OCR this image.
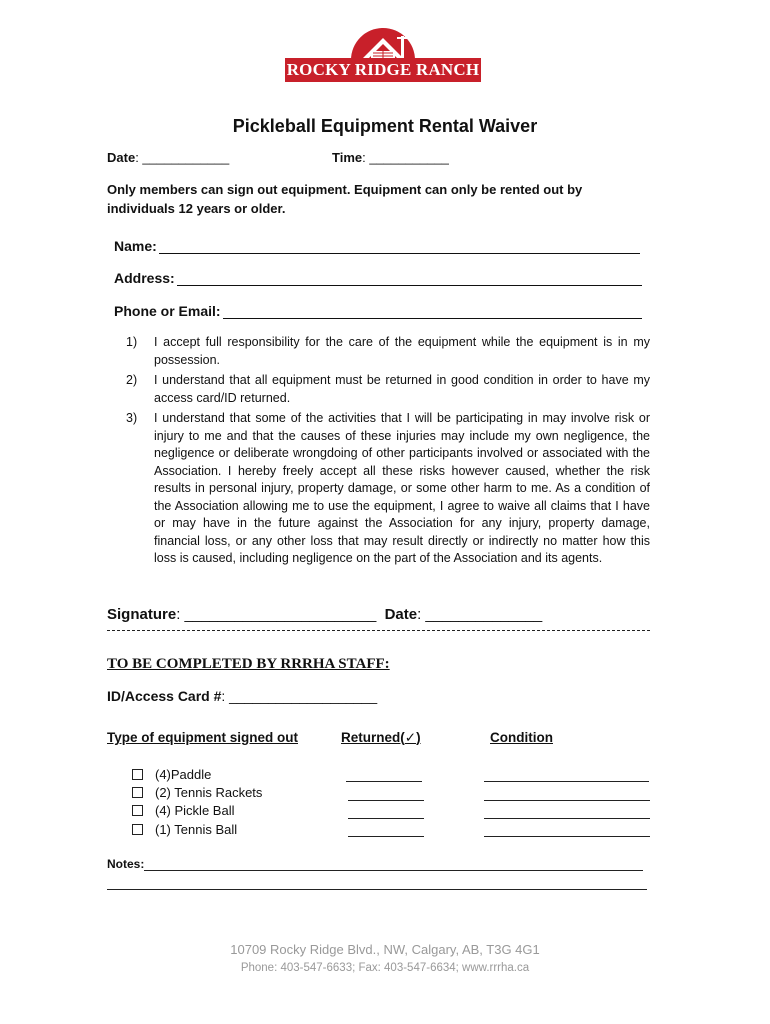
ROCKY RIDGE RANCH
Pickleball Equipment Rental Waiver
Date: ____________	Time: ___________
Only members can sign out equipment. Equipment can only be rented out by individuals 12 years or older.
Name:
Address:
Phone or Email:
1)	I accept full responsibility for the care of the equipment while the equipment is in my possession.
2)	I understand that all equipment must be returned in good condition in order to have my access card/ID returned.
3)	I understand that some of the activities that I will be participating in may involve risk or injury to me and that the causes of these injuries may include my own negligence, the negligence or deliberate wrongdoing of other participants involved or associated with the Association. I hereby freely accept all these risks however caused, whether the risk results in personal injury, property damage, or some other harm to me. As a condition of the Association allowing me to use the equipment, I agree to waive all claims that I have or may have in the future against the Association for any injury, property damage, financial loss, or any other loss that may result directly or indirectly no matter how this loss is caused, including negligence on the part of the Association and its agents.
Signature: _______________________ Date: ______________
TO BE COMPLETED BY RRRHA STAFF:
ID/Access Card #: ___________________
Type of equipment signed out	Returned(✓)	Condition
(4)Paddle
(2) Tennis Rackets
(4) Pickle Ball
(1) Tennis Ball
Notes:
10709 Rocky Ridge Blvd., NW, Calgary, AB, T3G 4G1
Phone: 403-547-6633; Fax: 403-547-6634; www.rrrha.ca
